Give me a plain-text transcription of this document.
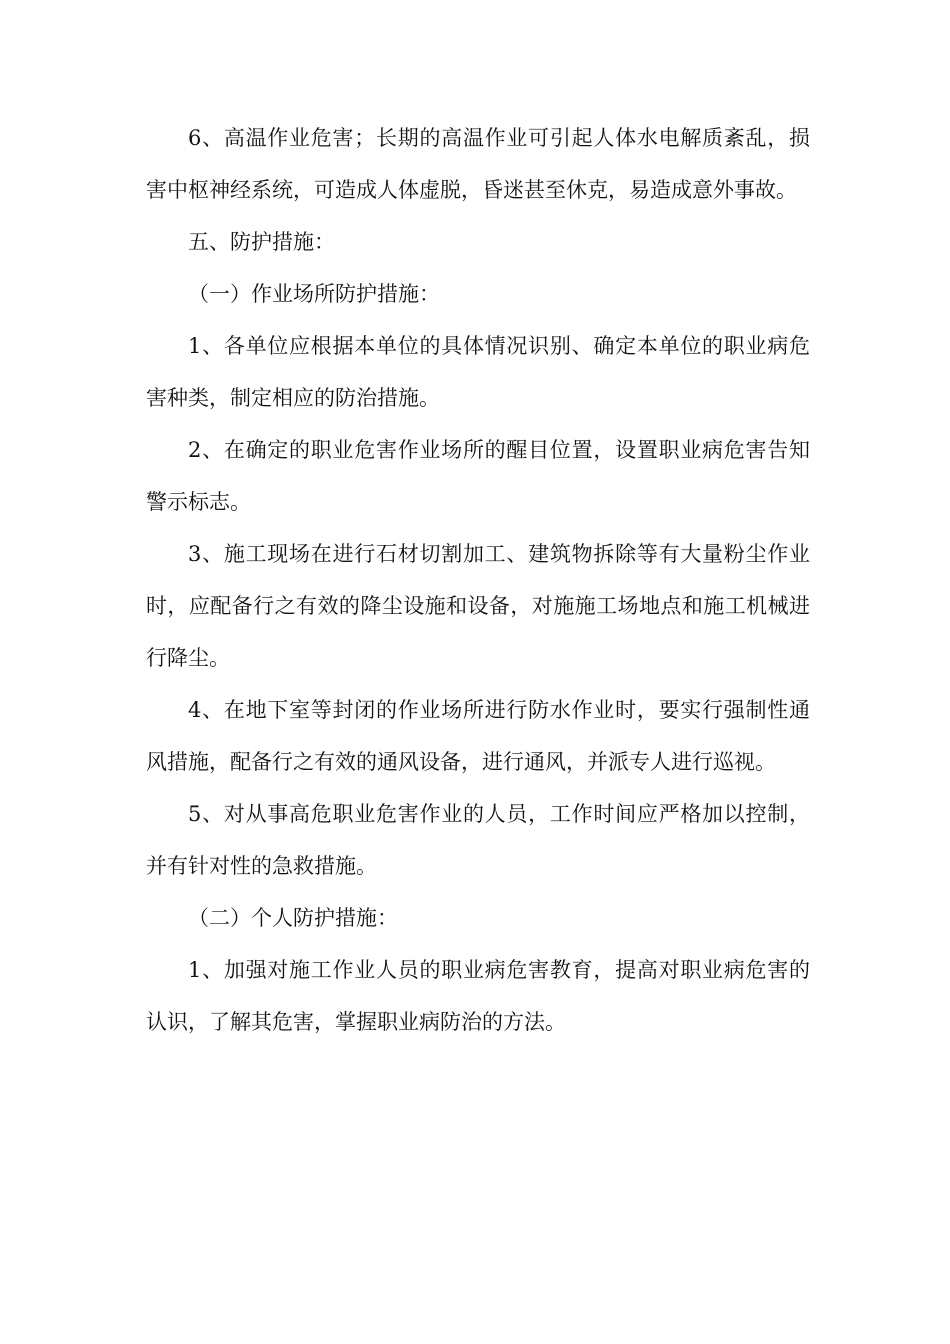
6、高温作业危害；长期的高温作业可引起人体水电解质紊乱，损害中枢神经系统，可造成人体虚脱，昏迷甚至休克，易造成意外事故。

五、防护措施：

（一）作业场所防护措施：

1、各单位应根据本单位的具体情况识别、确定本单位的职业病危害种类，制定相应的防治措施。

2、在确定的职业危害作业场所的醒目位置，设置职业病危害告知警示标志。

3、施工现场在进行石材切割加工、建筑物拆除等有大量粉尘作业时，应配备行之有效的降尘设施和设备，对施施工场地点和施工机械进行降尘。

4、在地下室等封闭的作业场所进行防水作业时，要实行强制性通风措施，配备行之有效的通风设备，进行通风，并派专人进行巡视。

5、对从事高危职业危害作业的人员，工作时间应严格加以控制，并有针对性的急救措施。

（二）个人防护措施：

1、加强对施工作业人员的职业病危害教育，提高对职业病危害的认识，了解其危害，掌握职业病防治的方法。
